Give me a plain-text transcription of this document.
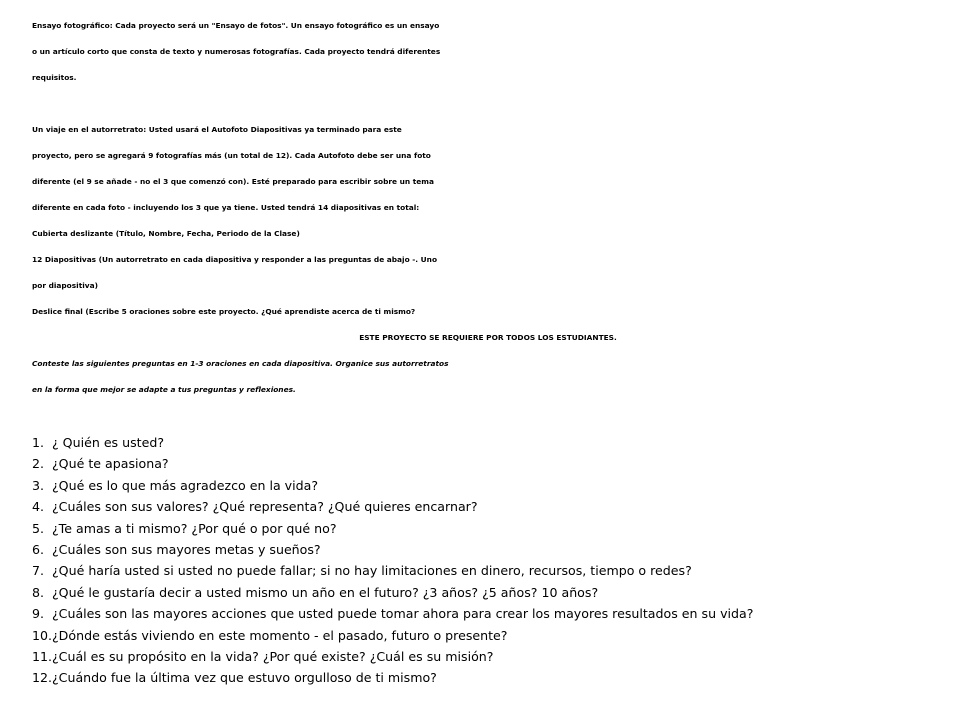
Ensayo fotográfico: Cada proyecto será un "Ensayo de fotos". Un ensayo fotográfico es un ensayo
o un artículo corto que consta de texto y numerosas fotografías. Cada proyecto tendrá diferentes
requisitos.
Un viaje en el autorretrato: Usted usará el Autofoto Diapositivas ya terminado para este
proyecto, pero se agregará 9 fotografías más (un total de 12). Cada Autofoto debe ser una foto
diferente (el 9 se añade - no el 3 que comenzó con). Esté preparado para escribir sobre un tema
diferente en cada foto - incluyendo los 3 que ya tiene. Usted tendrá 14 diapositivas en total:
Cubierta deslizante (Título, Nombre, Fecha, Periodo de la Clase)
12 Diapositivas (Un autorretrato en cada diapositiva y responder a las preguntas de abajo -. Uno
por diapositiva)
Deslice final (Escribe 5 oraciones sobre este proyecto. ¿Qué aprendiste acerca de ti mismo?
ESTE PROYECTO SE REQUIERE POR TODOS LOS ESTUDIANTES.
Conteste las siguientes preguntas en 1-3 oraciones en cada diapositiva. Organice sus autorretratos
en la forma que mejor se adapte a tus preguntas y reflexiones.
1. ¿ Quién es usted?
2. ¿Qué te apasiona?
3. ¿Qué es lo que más agradezco en la vida?
4. ¿Cuáles son sus valores? ¿Qué representa? ¿Qué quieres encarnar?
5. ¿Te amas a ti mismo? ¿Por qué o por qué no?
6. ¿Cuáles son sus mayores metas y sueños?
7. ¿Qué haría usted si usted no puede fallar; si no hay limitaciones en dinero, recursos, tiempo o redes?
8. ¿Qué le gustaría decir a usted mismo un año en el futuro? ¿3 años? ¿5 años? 10 años?
9. ¿Cuáles son las mayores acciones que usted puede tomar ahora para crear los mayores resultados en su vida?
10. ¿Dónde estás viviendo en este momento - el pasado, futuro o presente?
11. ¿Cuál es su propósito en la vida? ¿Por qué existe? ¿Cuál es su misión?
12. ¿Cuándo fue la última vez que estuvo orgulloso de ti mismo?
